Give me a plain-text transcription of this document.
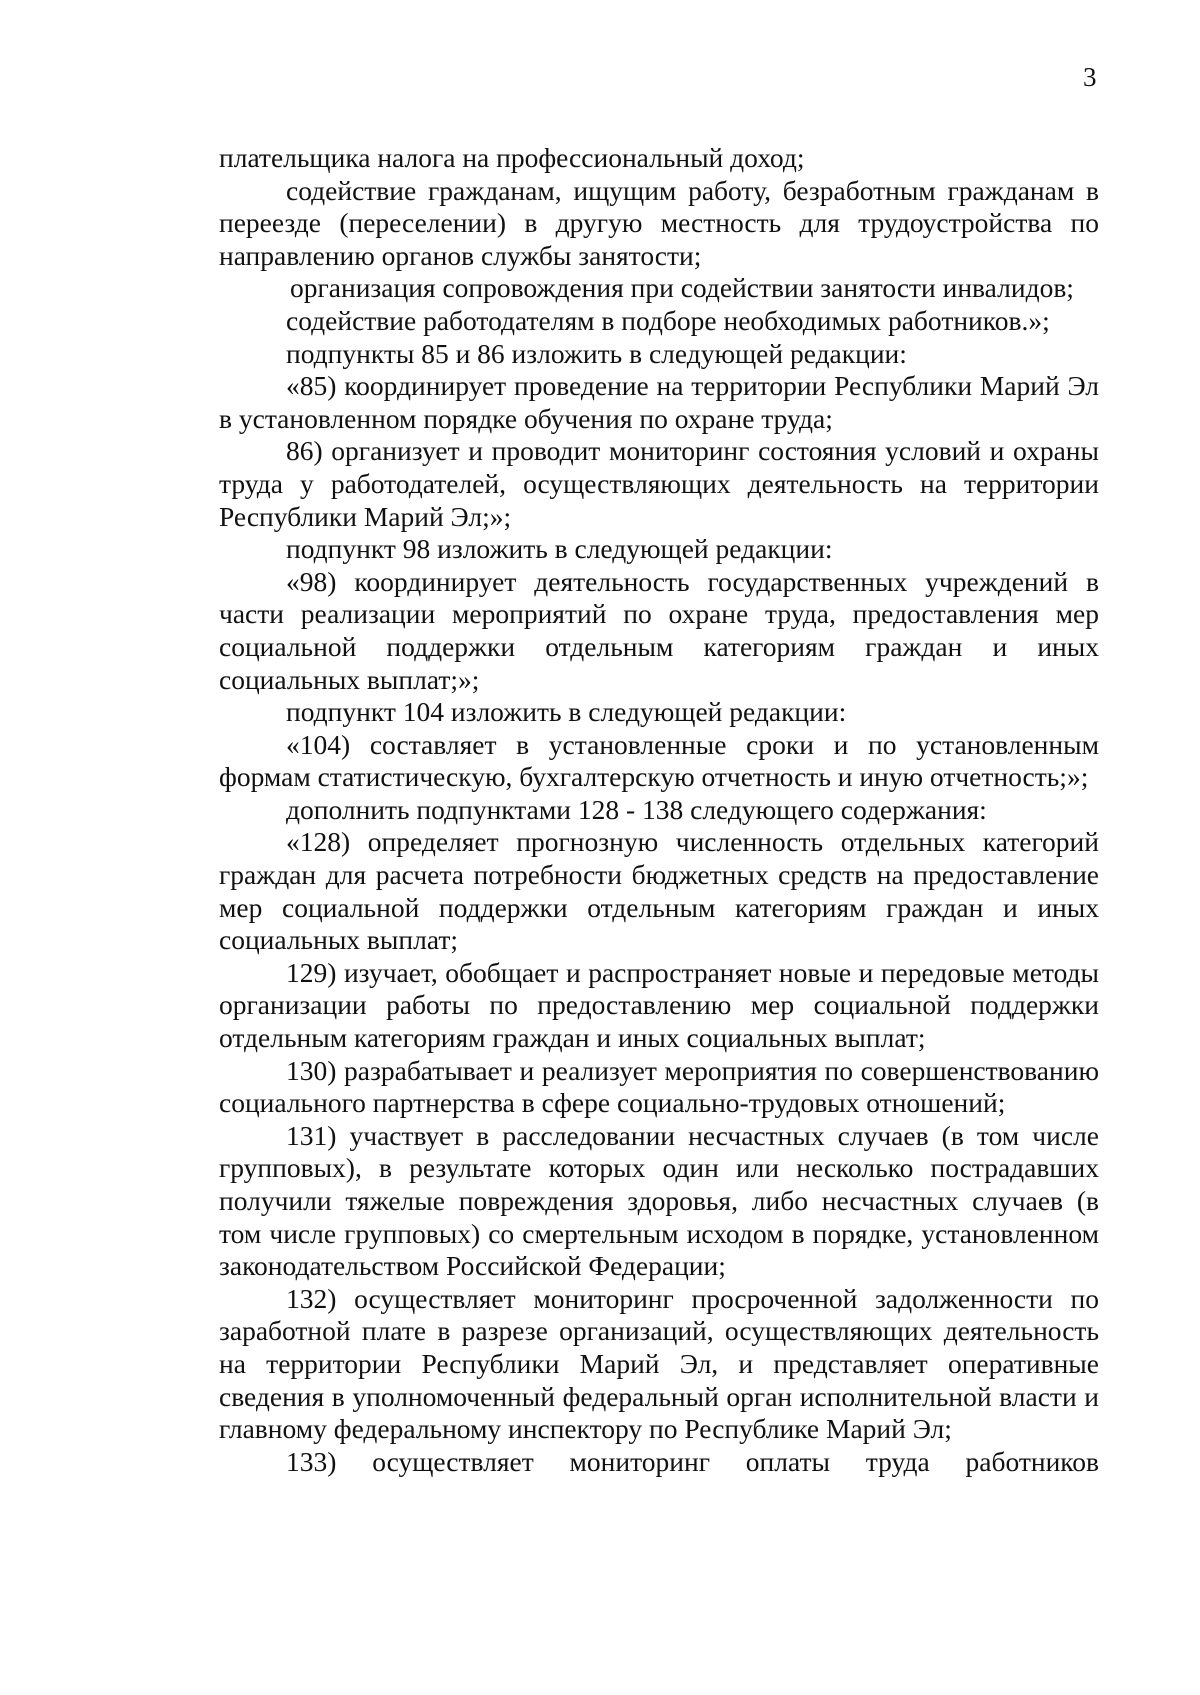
3

плательщика налога на профессиональный доход;

содействие гражданам, ищущим работу, безработным гражданам в переезде (переселении) в другую местность для трудоустройства по направлению органов службы занятости;

организация сопровождения при содействии занятости инвалидов;

содействие работодателям в подборе необходимых работников.»;

подпункты 85 и 86 изложить в следующей редакции:

«85) координирует проведение на территории Республики Марий Эл в установленном порядке обучения по охране труда;

86) организует и проводит мониторинг состояния условий и охраны труда у работодателей, осуществляющих деятельность на территории Республики Марий Эл;»;

подпункт 98 изложить в следующей редакции:

«98) координирует деятельность государственных учреждений в части реализации мероприятий по охране труда, предоставления мер социальной поддержки отдельным категориям граждан и иных социальных выплат;»;

подпункт 104 изложить в следующей редакции:

«104) составляет в установленные сроки и по установленным формам статистическую, бухгалтерскую отчетность и иную отчетность;»;

дополнить подпунктами 128 - 138 следующего содержания:

«128) определяет прогнозную численность отдельных категорий граждан для расчета потребности бюджетных средств на предоставление мер социальной поддержки отдельным категориям граждан и иных социальных выплат;

129) изучает, обобщает и распространяет новые и передовые методы организации работы по предоставлению мер социальной поддержки отдельным категориям граждан и иных социальных выплат;

130) разрабатывает и реализует мероприятия по совершенствованию социального партнерства в сфере социально-трудовых отношений;

131) участвует в расследовании несчастных случаев (в том числе групповых), в результате которых один или несколько пострадавших получили тяжелые повреждения здоровья, либо несчастных случаев (в том числе групповых) со смертельным исходом в порядке, установленном законодательством Российской Федерации;

132) осуществляет мониторинг просроченной задолженности по заработной плате в разрезе организаций, осуществляющих деятельность на территории Республики Марий Эл, и представляет оперативные сведения в уполномоченный федеральный орган исполнительной власти и главному федеральному инспектору по Республике Марий Эл;

133) осуществляет мониторинг оплаты труда работников
